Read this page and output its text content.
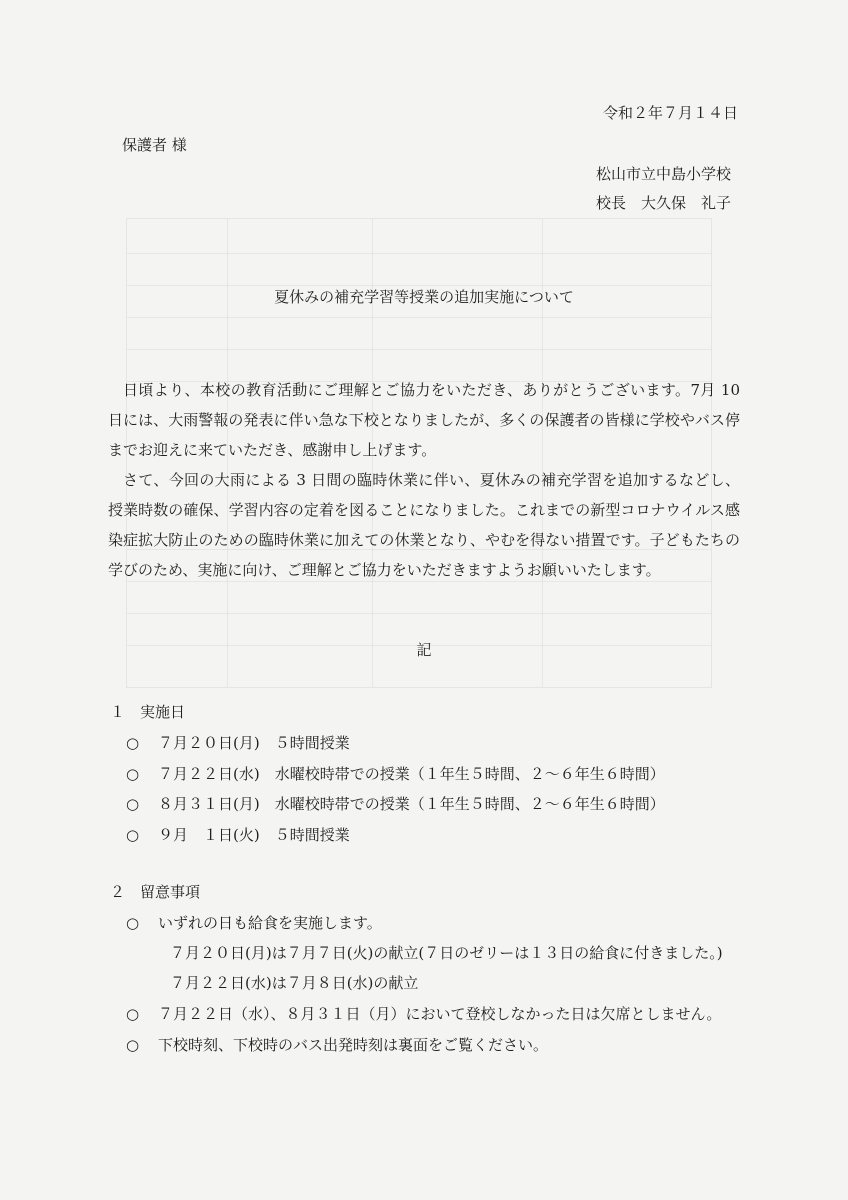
令和２年７月１４日
保護者 様
松山市立中島小学校
校長　大久保　礼子
夏休みの補充学習等授業の追加実施について

日頃より、本校の教育活動にご理解とご協力をいただき、ありがとうございます。7月 10 日には、大雨警報の発表に伴い急な下校となりましたが、多くの保護者の皆様に学校やバス停までお迎えに来ていただき、感謝申し上げます。

さて、今回の大雨による 3 日間の臨時休業に伴い、夏休みの補充学習を追加するなどし、授業時数の確保、学習内容の定着を図ることになりました。これまでの新型コロナウイルス感染症拡大防止のための臨時休業に加えての休業となり、やむを得ない措置です。子どもたちの学びのため、実施に向け、ご理解とご協力をいただきますようお願いいたします。

記
１　実施日
○ ７月２０日(月)　５時間授業
○ ７月２２日(水)　水曜校時帯での授業（１年生５時間、２～６年生６時間）
○ ８月３１日(月)　水曜校時帯での授業（１年生５時間、２～６年生６時間）
○ ９月　１日(火)　５時間授業
２　留意事項
○ いずれの日も給食を実施します。
７月２０日(月)は７月７日(火)の献立(７日のゼリーは１３日の給食に付きました。)
７月２２日(水)は７月８日(水)の献立
○ ７月２２日（水）、８月３１日（月）において登校しなかった日は欠席としません。
○ 下校時刻、下校時のバス出発時刻は裏面をご覧ください。
